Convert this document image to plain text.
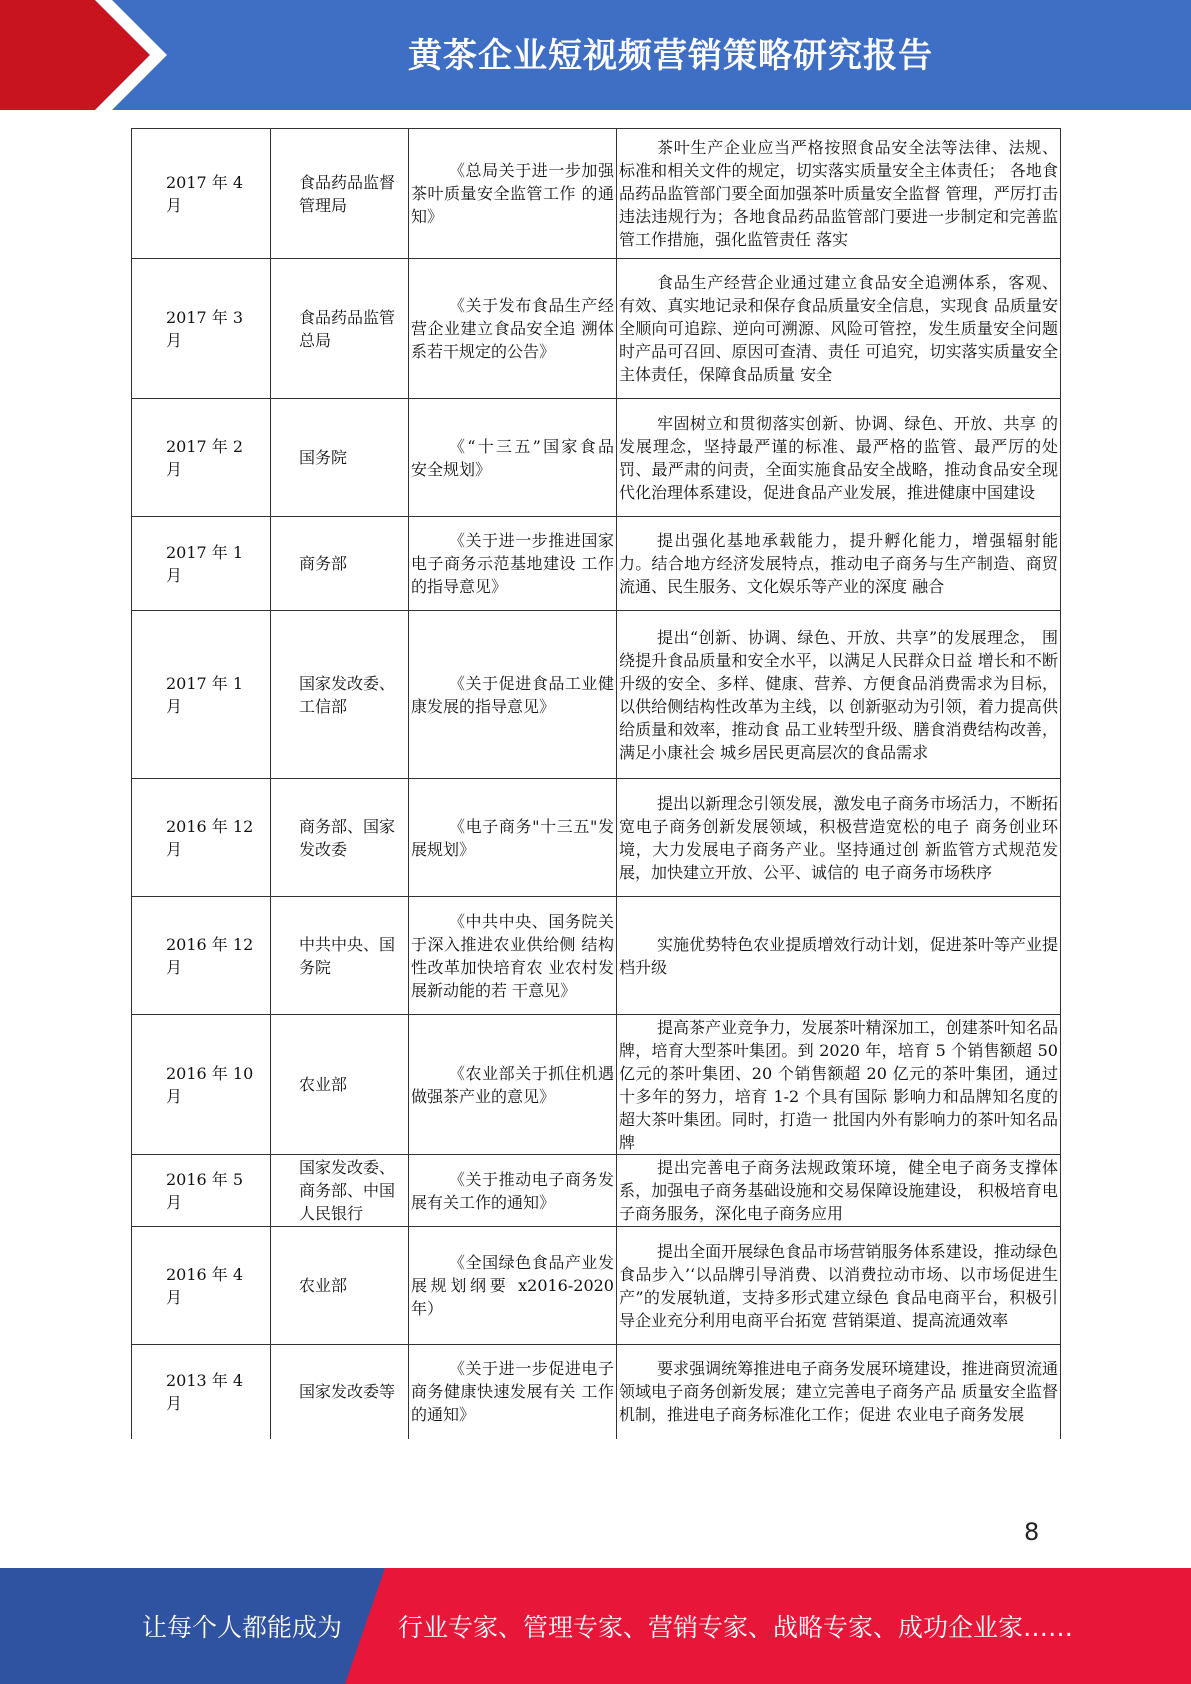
黄茶企业短视频营销策略研究报告
2017 年 4 月	食品药品监督 管理局	《总局关于进一步加强 茶叶质量安全监管工作 的通知》	茶叶生产企业应当严格按照食品安全法等法律、法规、 标准和相关文件的规定，切实落实质量安全主体责任； 各地食品药品监管部门要全面加强茶叶质量安全监督 管理，严厉打击违法违规行为；各地食品药品监管部门要进一步制定和完善监管工作措施，强化监管责任 落实
2017 年 3 月	食品药品监管 总局	《关于发布食品生产经 营企业建立食品安全追 溯体系若干规定的公告》	食品生产经营企业通过建立食品安全追溯体系，客观、 有效、真实地记录和保存食品质量安全信息，实现食 品质量安全顺向可追踪、逆向可溯源、风险可管控，发生质量安全问题时产品可召回、原因可查清、责任 可追究，切实落实质量安全主体责任，保障食品质量 安全
2017 年 2 月	国务院	《“十三五”国家食品 安全规划》	牢固树立和贯彻落实创新、协调、绿色、开放、共享 的发展理念，坚持最严谨的标准、最严格的监管、最严厉的处罚、最严肃的问责，全面实施食品安全战略，推动食品安全现代化治理体系建设，促进食品产业发展，推进健康中国建设
2017 年 1 月	商务部	《关于进一步推进国家 电子商务示范基地建设 工作的指导意见》	提出强化基地承载能力，提升孵化能力，增强辐射能 力。结合地方经济发展特点，推动电子商务与生产制造、商贸流通、民生服务、文化娱乐等产业的深度 融合
2017 年 1 月	国家发改委、 工信部	《关于促进食品工业健 康发展的指导意见》	提出“创新、协调、绿色、开放、共享”的发展理念， 围绕提升食品质量和安全水平，以满足人民群众日益 增长和不断升级的安全、多样、健康、营养、方便食品消费需求为目标，以供给侧结构性改革为主线，以 创新驱动为引领，着力提高供给质量和效率，推动食 品工业转型升级、膳食消费结构改善，满足小康社会 城乡居民更高层次的食品需求
2016 年 12 月	商务部、国家 发改委	《电子商务"十三五"发展规划》	提出以新理念引领发展，激发电子商务市场活力，不断拓宽电子商务创新发展领域，积极营造宽松的电子 商务创业环境，大力发展电子商务产业。坚持通过创 新监管方式规范发展，加快建立开放、公平、诚信的 电子商务市场秩序
2016 年 12 月	中共中央、国 务院	《中共中央、国务院关 于深入推进农业供给侧 结构性改革加快培育农 业农村发展新动能的若 干意见》	实施优势特色农业提质增效行动计划，促进茶叶等产业提档升级
2016 年 10 月	农业部	《农业部关于抓住机遇 做强茶产业的意见》	提高茶产业竞争力，发展茶叶精深加工，创建茶叶知名品牌，培育大型茶叶集团。到 2020 年，培育 5 个销售额超 50 亿元的茶叶集团、20 个销售额超 20 亿元的茶叶集团，通过十多年的努力，培育 1-2 个具有国际 影响力和品牌知名度的超大茶叶集团。同时，打造一 批国内外有影响力的茶叶知名品牌
2016 年 5 月	国家发改委、 商务部、中国 人民银行	《关于推动电子商务发 展有关工作的通知》	提出完善电子商务法规政策环境，健全电子商务支撑体系，加强电子商务基础设施和交易保障设施建设， 积极培育电子商务服务，深化电子商务应用
2016 年 4 月	农业部	《全国绿色食品产业发 展规划纲要 x2016-2020 年）	提出全面开展绿色食品市场营销服务体系建设，推动绿色食品步入’‘以品牌引导消费、以消费拉动市场、以市场促进生产”的发展轨道，支持多形式建立绿色 食品电商平台，积极引导企业充分利用电商平台拓宽 营销渠道、提高流通效率
2013 年 4 月	国家发改委等	《关于进一步促进电子 商务健康快速发展有关 工作的通知》	要求强调统筹推进电子商务发展环境建设，推进商贸流通领域电子商务创新发展；建立完善电子商务产品 质量安全监督机制，推进电子商务标准化工作；促进 农业电子商务发展
8
让每个人都能成为 行业专家、管理专家、营销专家、战略专家、成功企业家……
